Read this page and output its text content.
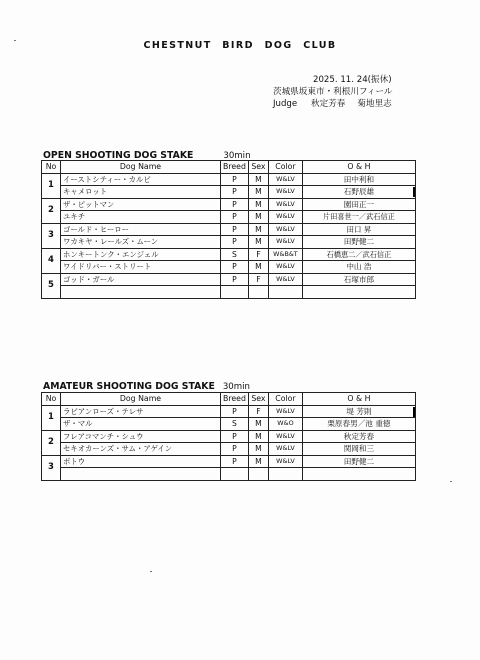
CHESTNUT BIRD DOG CLUB
2025. 11. 24(振休)
茨城県坂東市・利根川フィール
Judge 秋定芳春 菊地里志
OPEN SHOOTING DOG STAKE	30min
No	Dog Name	Breed	Sex	Color	O & H
1	イーストシティー・カルビ	P	M	W&LV	田中利和
	キャメロット	P	M	W&LV	石野辰雄

2	ザ・ピットマン	P	M	W&LV	園田正一
	ユキチ	P	M	W&LV	片田喜世一／武石信正
3	ゴールド・ヒーロー	P	M	W&LV	田口 昇
	ワカキヤ・レールズ・ムーン	P	M	W&LV	田野健二
4	ホンキートンク・エンジェル	S	F	W&B&T	石橋恵二／武石信正
	ワイドリバー・ストリート	P	M	W&LV	中山 浩
5	ゴッド・ガール	P	F	W&LV	石塚市郎

AMATEUR SHOOTING DOG STAKE 30min
No	Dog Name	Breed	Sex	Color	O & H
1	ラビアンローズ・テレサ	P	F	W&LV	堤 芳則

	ザ・マル	S	M	W&O	栗原春男／池 重徳
2	フレアコマンチ・シュウ	P	M	W&LV	秋定芳春
	セキオカーンズ・サム・アゲイン	P	M	W&LV	関岡和三
3	ポトウ	P	M	W&LV	田野健二
